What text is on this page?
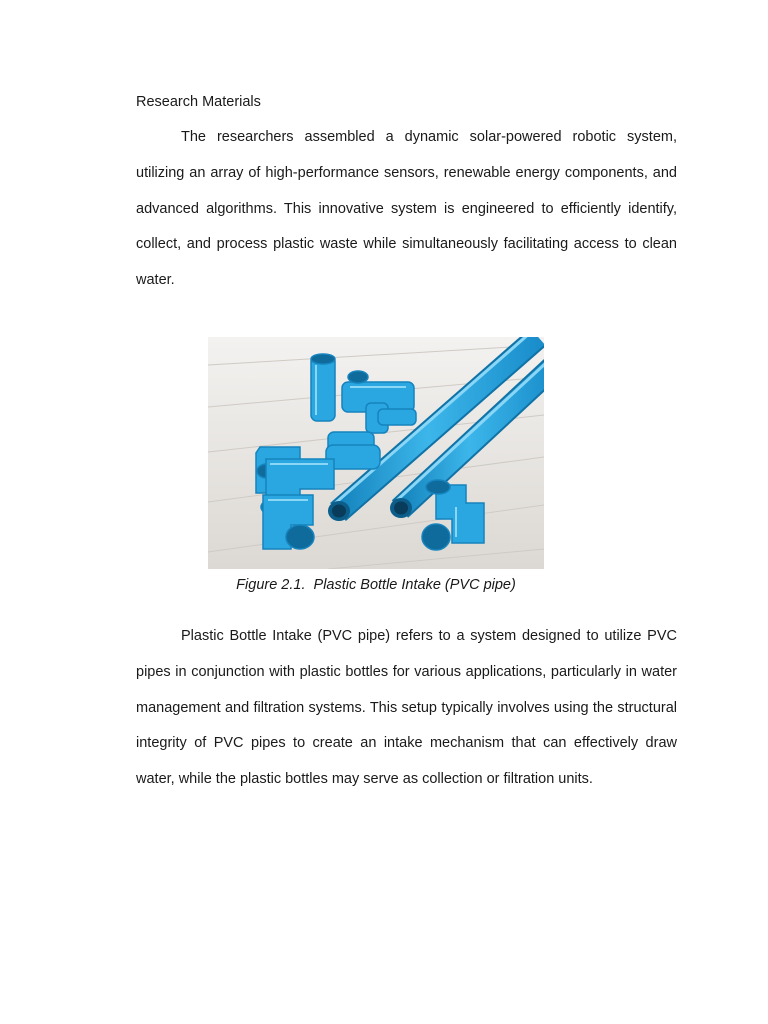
Research Materials

The researchers assembled a dynamic solar-powered robotic system, utilizing an array of high-performance sensors, renewable energy components, and advanced algorithms. This innovative system is engineered to efficiently identify, collect, and process plastic waste while simultaneously facilitating access to clean water.

Figure 2.1.  Plastic Bottle Intake (PVC pipe)

Plastic Bottle Intake (PVC pipe) refers to a system designed to utilize PVC pipes in conjunction with plastic bottles for various applications, particularly in water management and filtration systems. This setup typically involves using the structural integrity of PVC pipes to create an intake mechanism that can effectively draw water, while the plastic bottles may serve as collection or filtration units.
